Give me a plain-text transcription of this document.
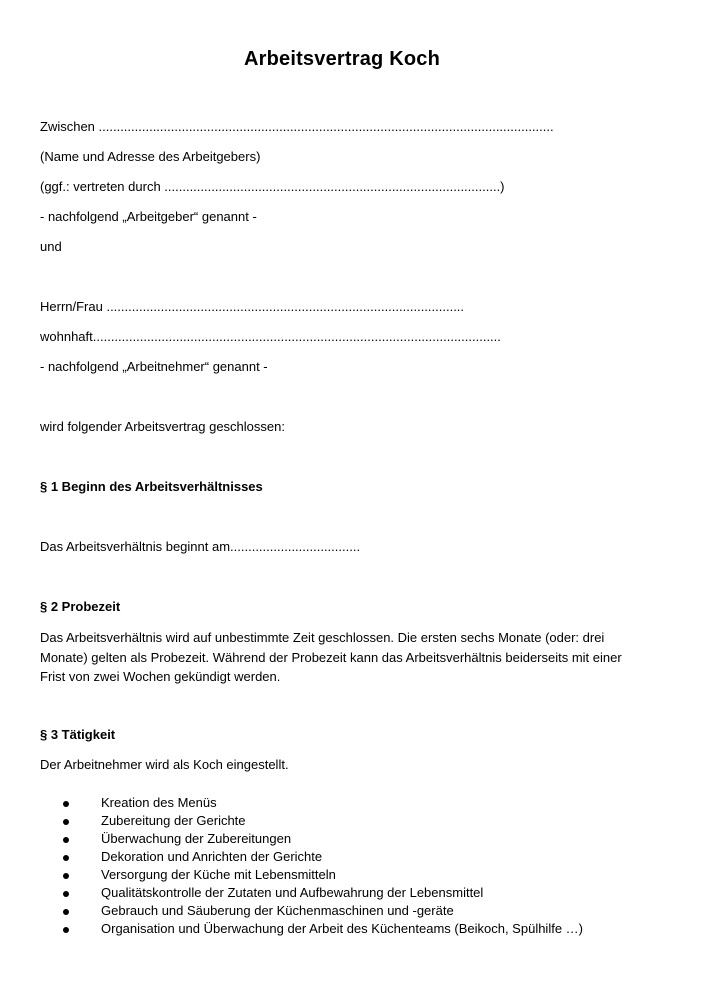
Arbeitsvertrag Koch
Zwischen ..............................................................................................................................
(Name und Adresse des Arbeitgebers)
(ggf.: vertreten durch .............................................................................................)
- nachfolgend „Arbeitgeber“ genannt -
und
Herrn/Frau ...................................................................................................
wohnhaft.................................................................................................................
- nachfolgend „Arbeitnehmer“ genannt -
wird folgender Arbeitsvertrag geschlossen:
§ 1 Beginn des Arbeitsverhältnisses
Das Arbeitsverhältnis beginnt am....................................
§ 2 Probezeit
Das Arbeitsverhältnis wird auf unbestimmte Zeit geschlossen. Die ersten sechs Monate (oder: drei Monate) gelten als Probezeit. Während der Probezeit kann das Arbeitsverhältnis beiderseits mit einer Frist von zwei Wochen gekündigt werden.
§ 3 Tätigkeit
Der Arbeitnehmer wird als Koch eingestellt.
Kreation des Menüs
Zubereitung der Gerichte
Überwachung der Zubereitungen
Dekoration und Anrichten der Gerichte
Versorgung der Küche mit Lebensmitteln
Qualitätskontrolle der Zutaten und Aufbewahrung der Lebensmittel
Gebrauch und Säuberung der Küchenmaschinen und -geräte
Organisation und Überwachung der Arbeit des Küchenteams (Beikoch, Spülhilfe …)
